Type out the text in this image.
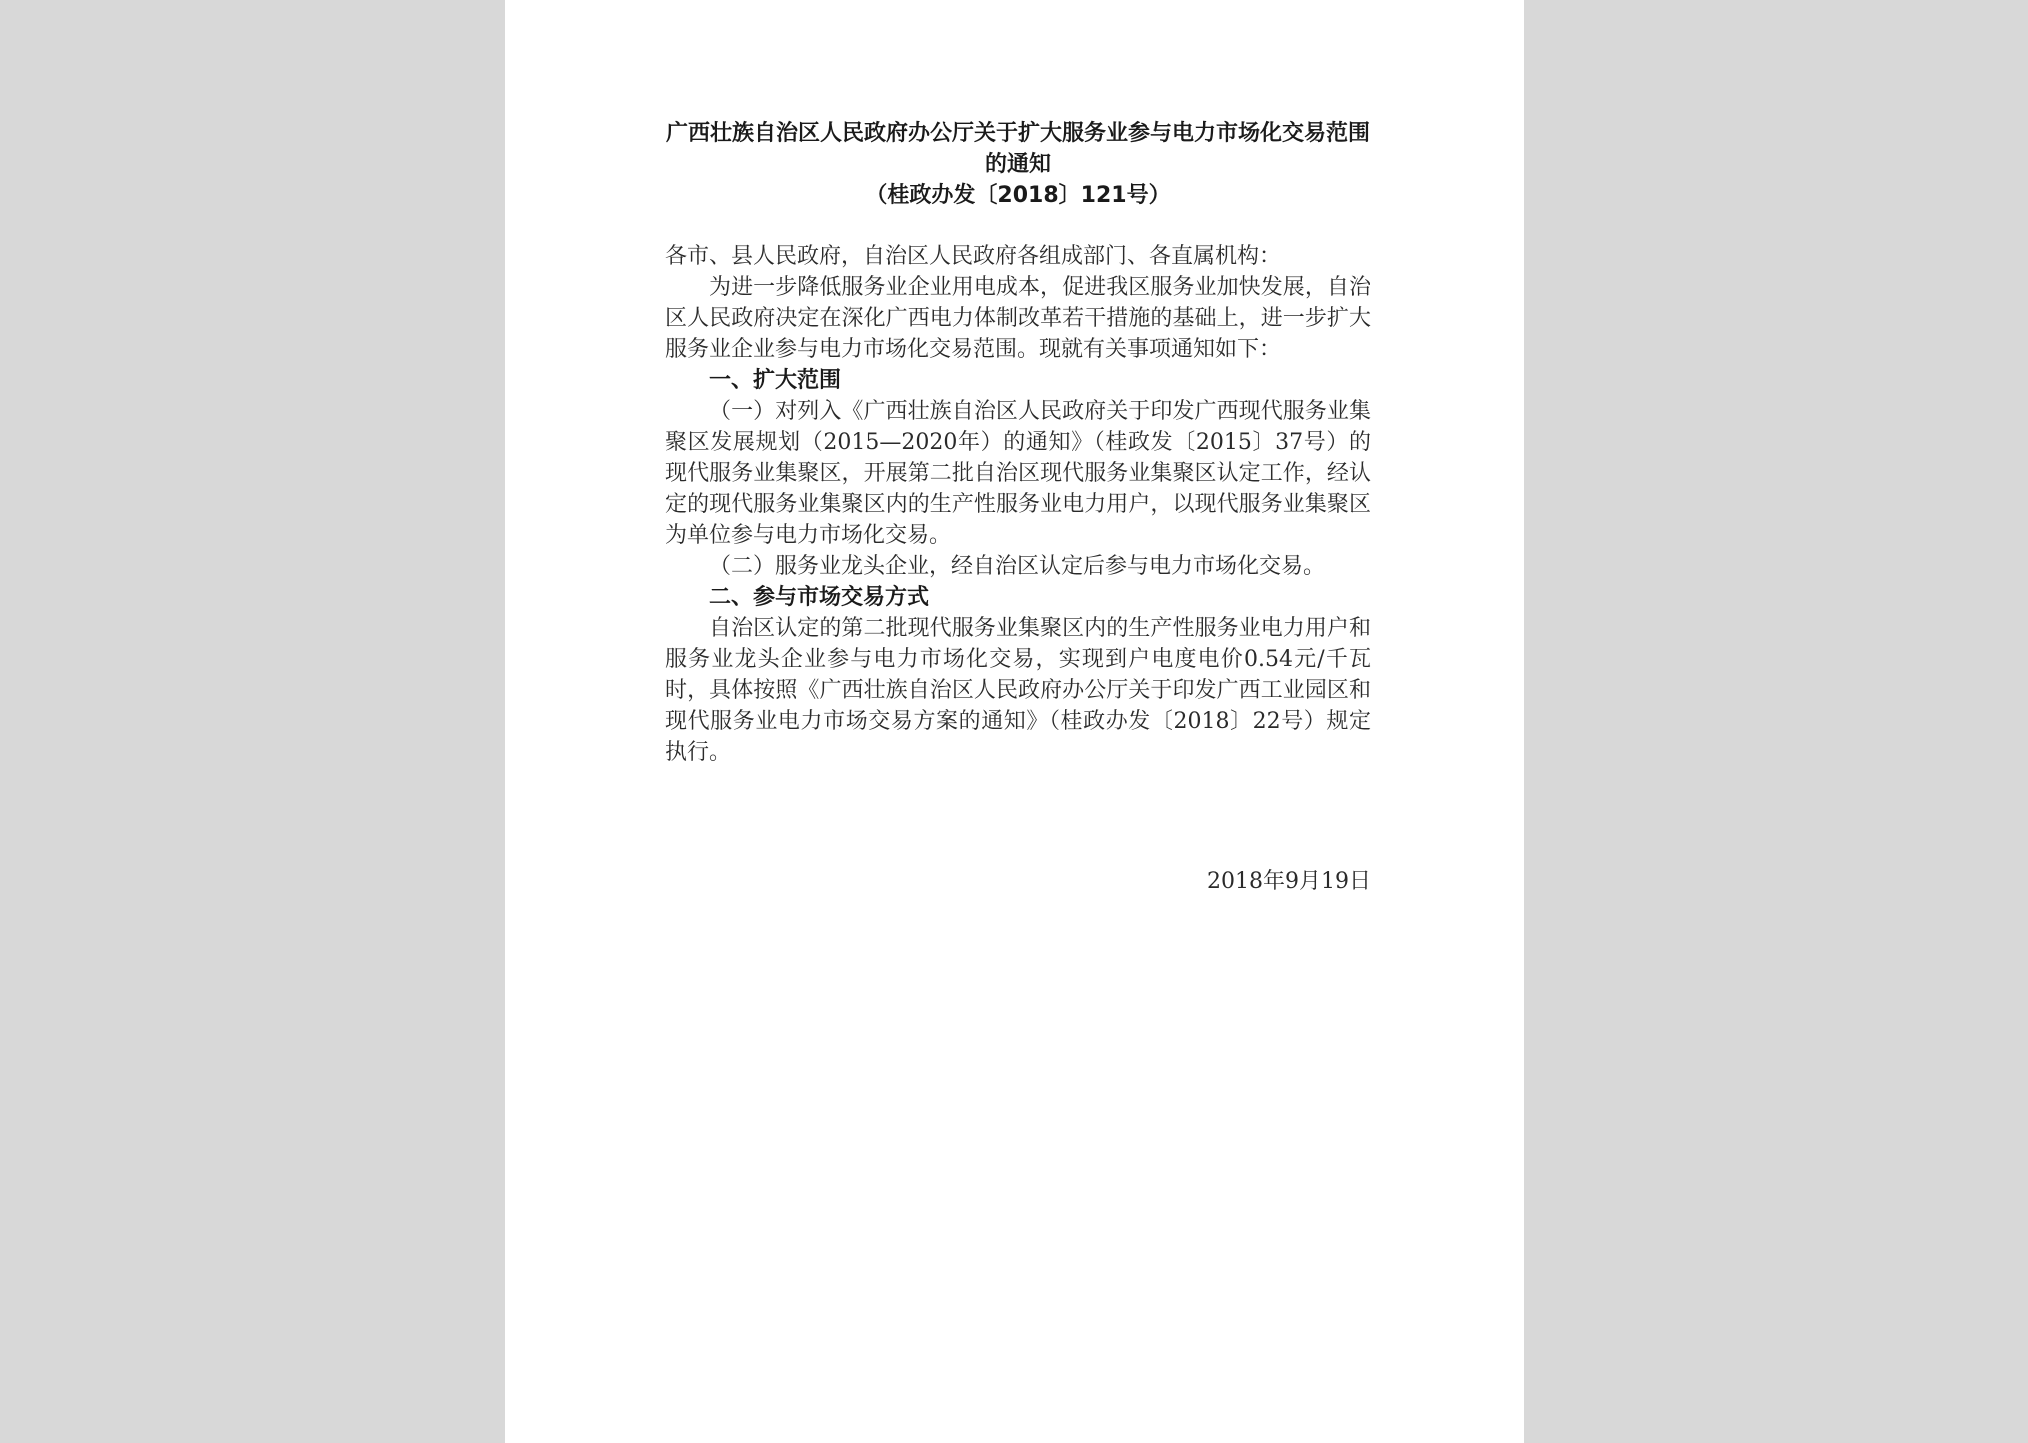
广西壮族自治区人民政府办公厅关于扩大服务业参与电力市场化交易范围的通知

（桂政办发〔2018〕121号）

各市、县人民政府，自治区人民政府各组成部门、各直属机构：

为进一步降低服务业企业用电成本，促进我区服务业加快发展，自治区人民政府决定在深化广西电力体制改革若干措施的基础上，进一步扩大服务业企业参与电力市场化交易范围。现就有关事项通知如下：

一、扩大范围

（一）对列入《广西壮族自治区人民政府关于印发广西现代服务业集聚区发展规划（2015—2020年）的通知》（桂政发〔2015〕37号）的现代服务业集聚区，开展第二批自治区现代服务业集聚区认定工作，经认定的现代服务业集聚区内的生产性服务业电力用户，以现代服务业集聚区为单位参与电力市场化交易。

（二）服务业龙头企业，经自治区认定后参与电力市场化交易。

二、参与市场交易方式

自治区认定的第二批现代服务业集聚区内的生产性服务业电力用户和服务业龙头企业参与电力市场化交易，实现到户电度电价0.54元/千瓦时，具体按照《广西壮族自治区人民政府办公厅关于印发广西工业园区和现代服务业电力市场交易方案的通知》（桂政办发〔2018〕22号）规定执行。

2018年9月19日
